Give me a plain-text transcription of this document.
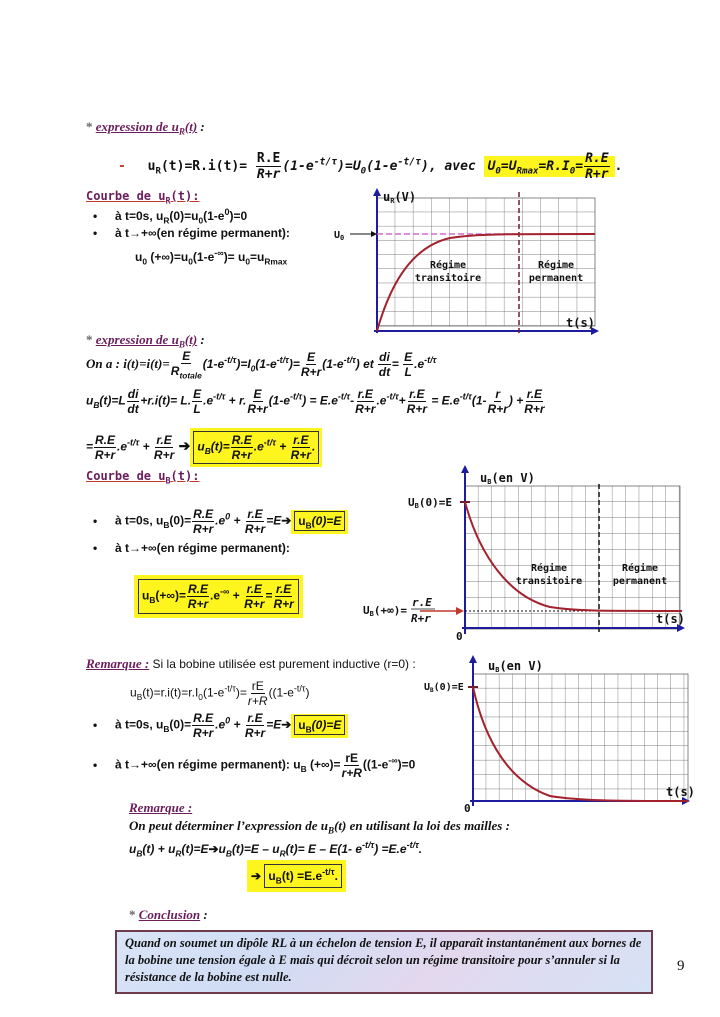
* expression de $u_R(t)$ :
- $u_R(t)=R.i(t)= \frac{R.E}{R+r} (1-e^{-t/\tau})=U_0(1-e^{-t/\tau})$, avec $U_0=U_{Rmax}=R.I_0= \frac{R.E}{R+r}$ .
Courbe de $u_R(t)$:
• à t=0s, $u_R(0)=u_0(1-e^0)=0$
• à t→+∞(en régime permanent):
$u_0$ $(+\infty)=u_0(1-e^{-\infty})= u_0=u_{Rmax}$
$U_0$
uR(V)
t(s)
Régime
transitoire
Régime
permanent
* expression de $u_B(t)$ :
On a : $i(t)=i(t)= \frac{E}{R_{totale}} (1-e^{-t/\tau})=I_0(1-e^{-t/\tau})= \frac{E}{R+r} (1-e^{-t/\tau})$ et $\frac{di}{dt} = \frac{E}{L} .e^{-t/\tau}$
$u_B(t)=L \frac{di}{dt} +r.i(t)= L$. $\frac{E}{L} .e^{-t/\tau} + r$. $\frac{E}{R+r} (1-e^{-t/\tau}) = E.e^{-t/\tau}- \frac{r.E}{R+r} .e^{-t/\tau}+ \frac{r.E}{R+r} = E.e^{-t/\tau}(1- \frac{r}{R+r}$ ) + $\frac{r.E}{R+r}$
= $\frac{R.E}{R+r} .e^{-t/\tau} + \frac{r.E}{R+r}$ ➔ $u_B(t)= \frac{R.E}{R+r} .e^{-t/\tau} + \frac{r.E}{R+r}$ .
Courbe de $u_B(t)$:
• à t=0s, $u_B(0)= \frac{R.E}{R+r} .e^0 + \frac{r.E}{R+r}$ =E➔ $u_B(0)=E$
• à t→+∞(en régime permanent):
$u_B(+\infty)= \frac{R.E}{R+r} .e^{-\infty} + \frac{r.E}{R+r} = \frac{r.E}{R+r}$
uB(en V)
UB(0)=E
UB(+∞)=
r.E
R+r	t(s)
0
Régime
transitoire
Régime
permanent
Remarque : Si la bobine utilisée est purement inductive (r=0) :
$u_B(t)=r.i(t)=r.I_0(1-e^{-t/\tau})= \frac{rE}{r+R} ((1-e^{-t/\tau})$
• à t=0s, $u_B(0)= \frac{R.E}{R+r} .e^0 + \frac{r.E}{R+r}$ =E➔ $u_B(0)=E$
• à t→+∞(en régime permanent): $u_B$ (+∞)= $\frac{rE}{r+R} ((1-e^{-\infty})=0$
uB(en V)
$U_B(0)=E$
t(s)
0
Remarque :
On peut déterminer l’expression de $u_B(t)$ en utilisant la loi des mailles :
$u_B(t)$ + $u_R(t)=E➔u_B(t)=E - u_R(t)= E - E(1-$ $e^{-t/\tau}) =E.e^{-t/\tau}$.
➔ $u_B(t) =E.e^{-t/\tau}$.
* Conclusion :
Quand on soumet un dipôle RL à un échelon de tension E, il apparaît instantanément aux bornes de la bobine une tension égale à E mais qui décroit selon un régime transitoire pour s’annuler si la résistance de la bobine est nulle.
9
